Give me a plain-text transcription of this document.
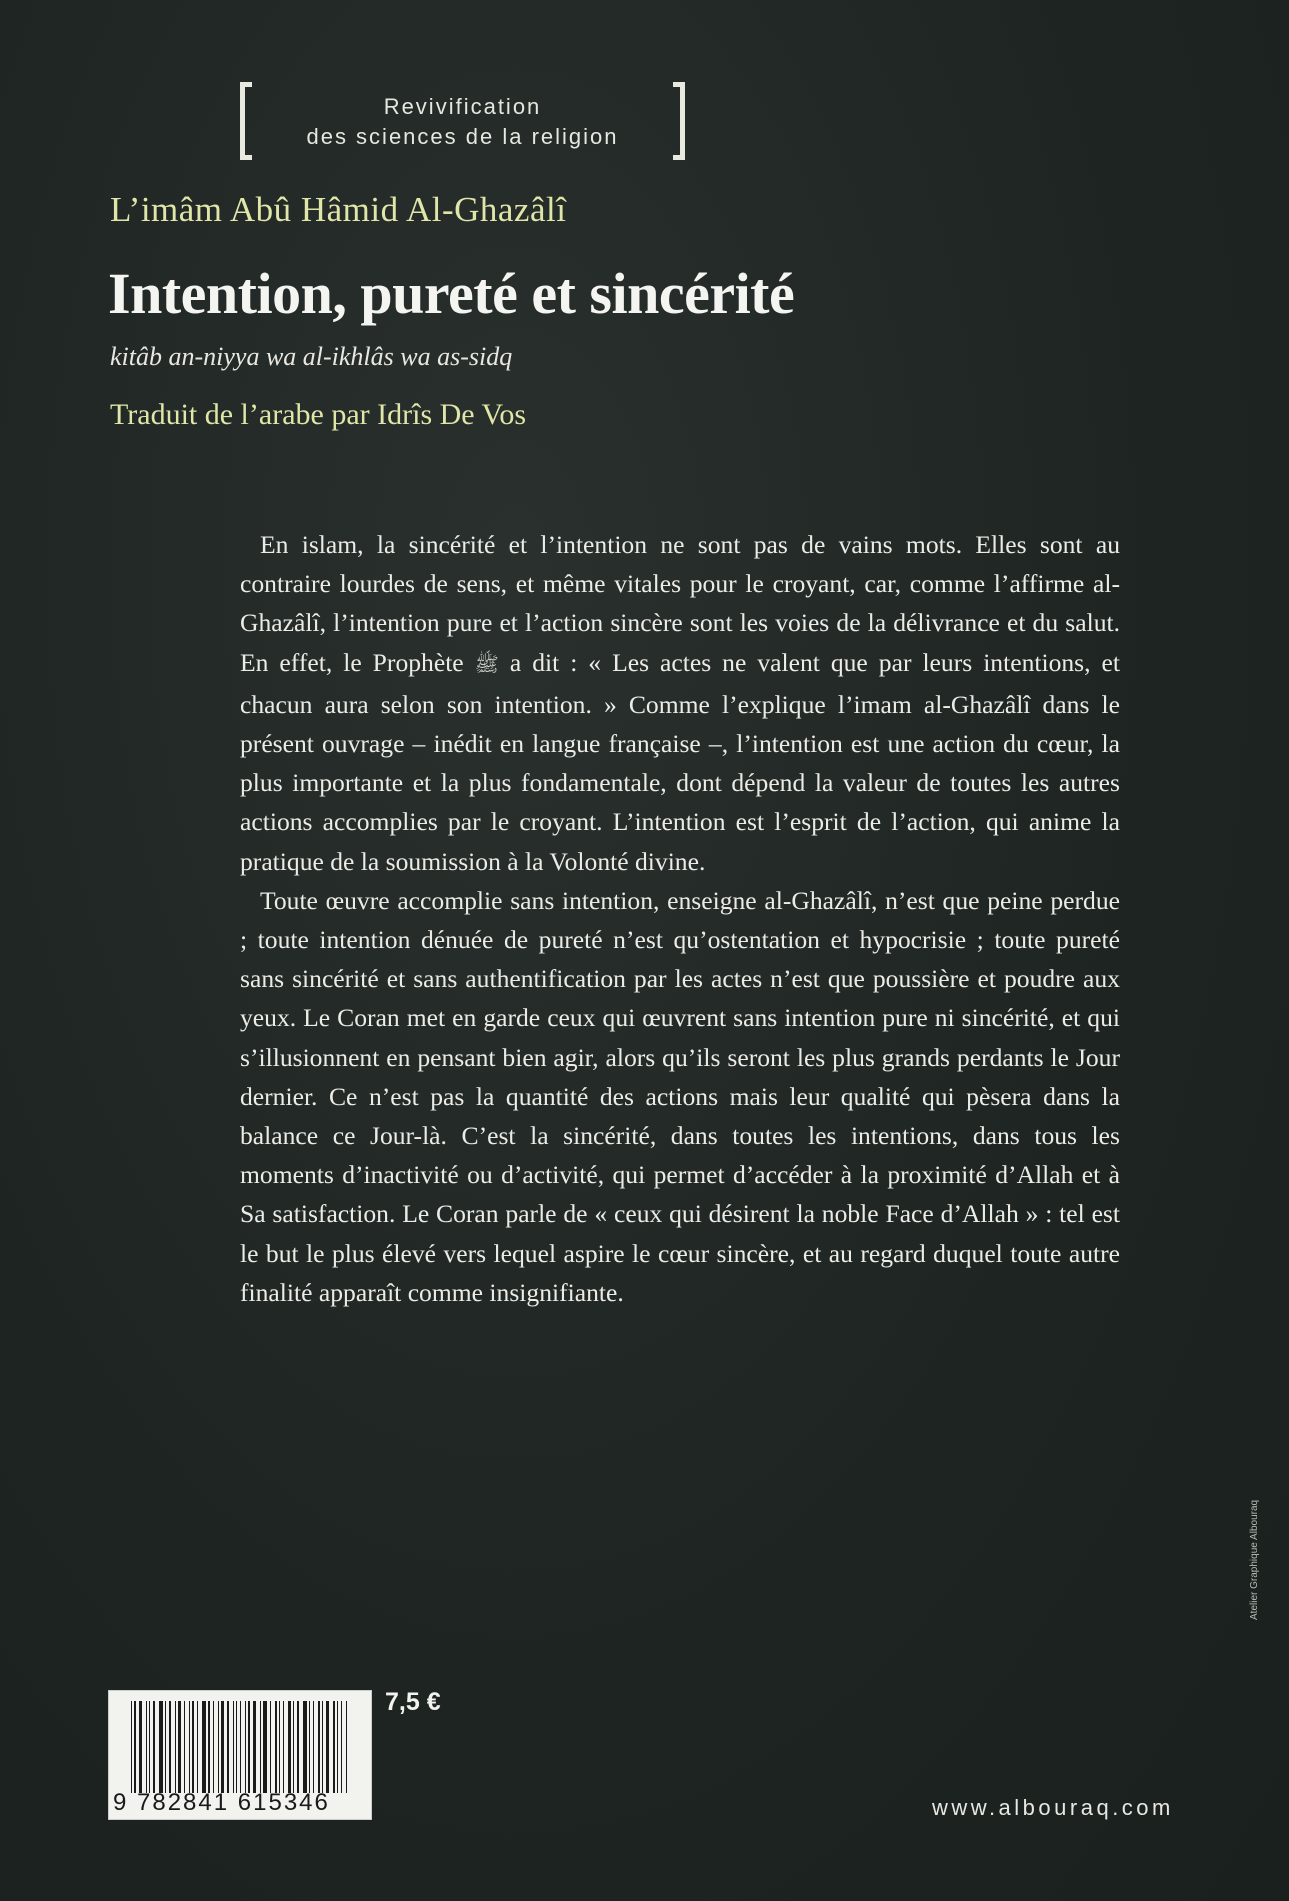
Revivification
des sciences de la religion
L’imâm Abû Hâmid Al-Ghazâlî
Intention, pureté et sincérité
kitâb an-niyya wa al-ikhlâs wa as-sidq
Traduit de l’arabe par Idrîs De Vos

En islam, la sincérité et l’intention ne sont pas de vains mots. Elles sont au contraire lourdes de sens, et même vitales pour le croyant, car, comme l’affirme al-Ghazâlî, l’intention pure et l’action sincère sont les voies de la délivrance et du salut. En effet, le Prophète ﷺ a dit : « Les actes ne valent que par leurs intentions, et chacun aura selon son intention. » Comme l’explique l’imam al-Ghazâlî dans le présent ouvrage – inédit en langue française –, l’intention est une action du cœur, la plus importante et la plus fondamentale, dont dépend la valeur de toutes les autres actions accomplies par le croyant. L’intention est l’esprit de l’action, qui anime la pratique de la soumission à la Volonté divine.

Toute œuvre accomplie sans intention, enseigne al-Ghazâlî, n’est que peine perdue ; toute intention dénuée de pureté n’est qu’ostentation et hypocrisie ; toute pureté sans sincérité et sans authentification par les actes n’est que poussière et poudre aux yeux. Le Coran met en garde ceux qui œuvrent sans intention pure ni sincérité, et qui s’illusionnent en pensant bien agir, alors qu’ils seront les plus grands perdants le Jour dernier. Ce n’est pas la quantité des actions mais leur qualité qui pèsera dans la balance ce Jour-là. C’est la sincérité, dans toutes les intentions, dans tous les moments d’inactivité ou d’activité, qui permet d’accéder à la proximité d’Allah et à Sa satisfaction. Le Coran parle de « ceux qui désirent la noble Face d’Allah » : tel est le but le plus élevé vers lequel aspire le cœur sincère, et au regard duquel toute autre finalité apparaît comme insignifiante.

9 782841 615346
7,5 €
www.albouraq.com
Atelier Graphique Albouraq
